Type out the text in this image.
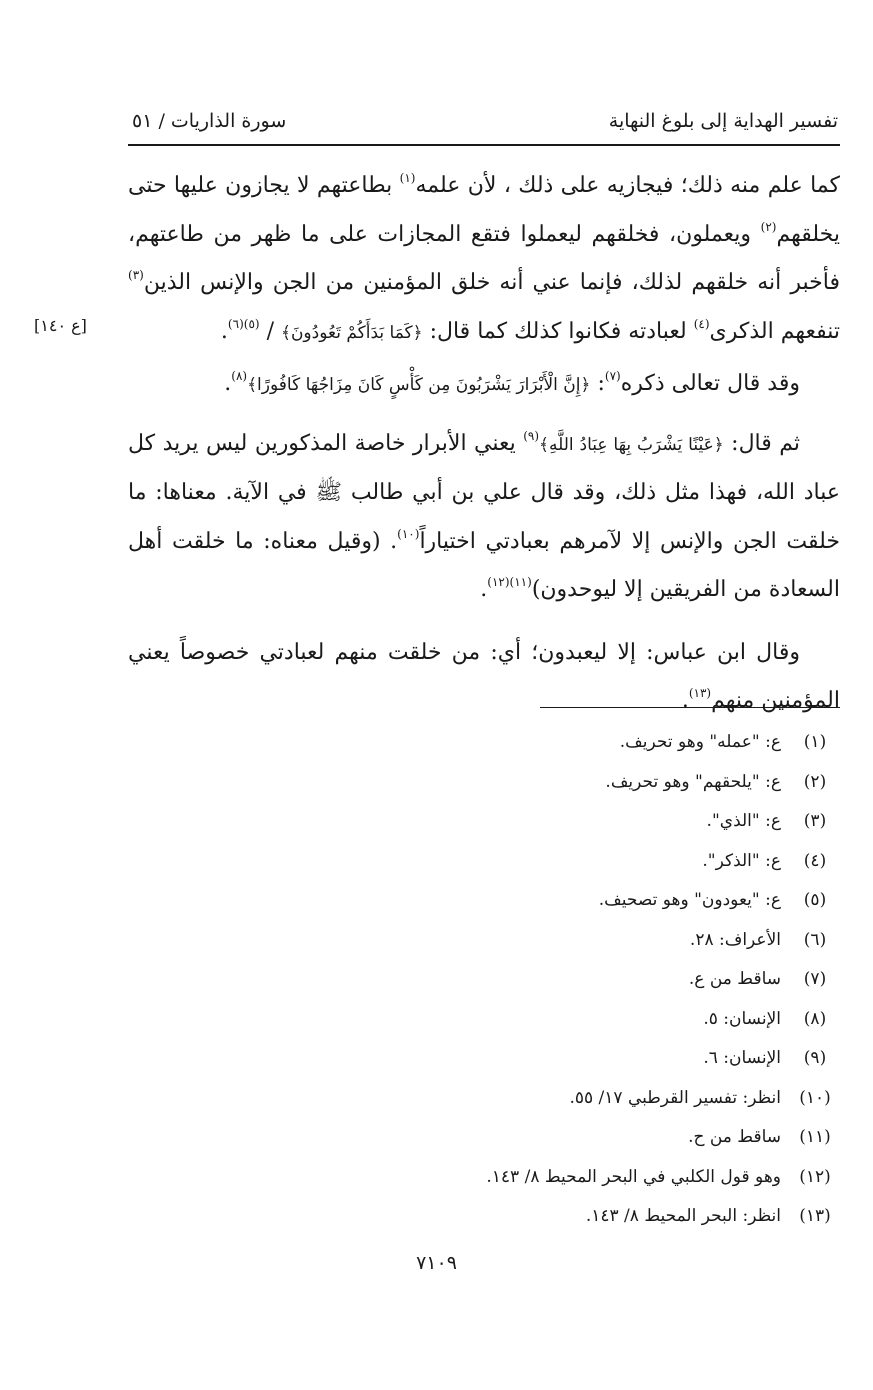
تفسير الهداية إلى بلوغ النهاية
سورة الذاريات / ٥١
[ع ١٤٠]

كما علم منه ذلك؛ فيجازيه على ذلك ، لأن علمه$^{(١)}$ بطاعتهم لا يجازون عليها حتى يخلقهم$^{(٢)}$ ويعملون، فخلقهم ليعملوا فتقع المجازات على ما ظهر من طاعتهم، فأخبر أنه خلقهم لذلك، فإنما عني أنه خلق المؤمنين من الجن والإنس الذين$^{(٣)}$ تنفعهم الذكرى$^{(٤)}$ لعبادته فكانوا كذلك كما قال: ﴿كَمَا بَدَأَكُمْ تَعُودُونَ﴾ / $^{(٥)(٦)}$.

وقد قال تعالى ذكره$^{(٧)}$: ﴿إِنَّ الْأَبْرَارَ يَشْرَبُونَ مِن كَأْسٍ كَانَ مِزَاجُهَا كَافُورًا﴾$^{(٨)}$.

ثم قال: ﴿عَيْنًا يَشْرَبُ بِهَا عِبَادُ اللَّهِ﴾$^{(٩)}$ يعني الأبرار خاصة المذكورين ليس يريد كل عباد الله، فهذا مثل ذلك، وقد قال علي بن أبي طالب ﷺ في الآية. معناها: ما خلقت الجن والإنس إلا لآمرهم بعبادتي اختياراً$^{(١٠)}$. (وقيل معناه: ما خلقت أهل السعادة من الفريقين إلا ليوحدون)$^{(١١)(١٢)}$.

وقال ابن عباس: إلا ليعبدون؛ أي: من خلقت منهم لعبادتي خصوصاً يعني المؤمنين منهم$^{(١٣)}$.

(١)
ع: "عمله" وهو تحريف.
(٢)
ع: "يلحقهم" وهو تحريف.
(٣)
ع: "الذي".
(٤)
ع: "الذكر".
(٥)
ع: "يعودون" وهو تصحيف.
(٦)
الأعراف: ٢٨.
(٧)
ساقط من ع.
(٨)
الإنسان: ٥.
(٩)
الإنسان: ٦.
(١٠)
انظر: تفسير القرطبي ١٧/ ٥٥.
(١١)
ساقط من ح.
(١٢)
وهو قول الكلبي في البحر المحيط ٨/ ١٤٣.
(١٣)
انظر: البحر المحيط ٨/ ١٤٣.
٧١٠٩
